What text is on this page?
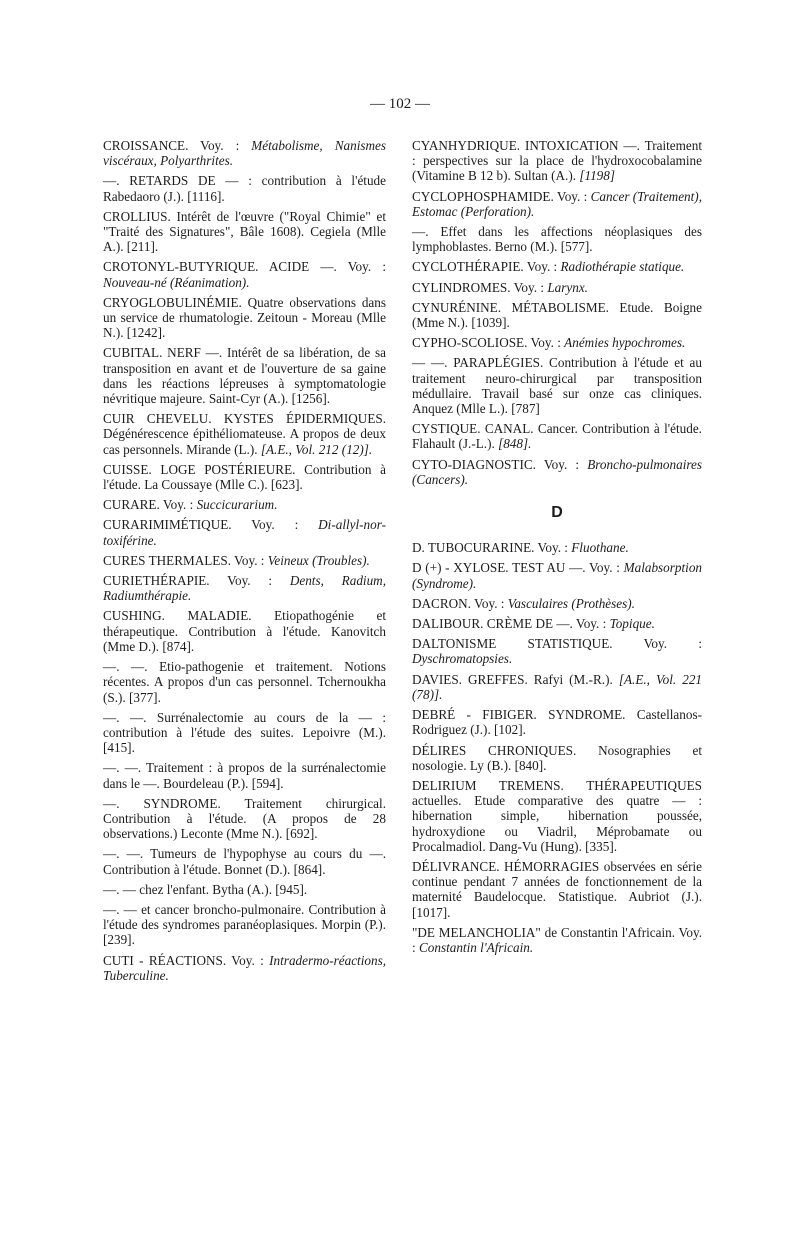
— 102 —

CROISSANCE. Voy. : Métabolisme, Nanismes viscéraux, Polyarthrites.

—. RETARDS DE — : contribution à l'étude Rabedaoro (J.). [1116].

CROLLIUS. Intérêt de l'œuvre ("Royal Chimie" et "Traité des Signatures", Bâle 1608). Cegiela (Mlle A.). [211].

CROTONYL-BUTYRIQUE. ACIDE —. Voy. : Nouveau-né (Réanimation).

CRYOGLOBULINÉMIE. Quatre observations dans un service de rhumatologie. Zeitoun - Moreau (Mlle N.). [1242].

CUBITAL. NERF —. Intérêt de sa libération, de sa transposition en avant et de l'ouverture de sa gaine dans les réactions lépreuses à symptomatologie névritique majeure. Saint-Cyr (A.). [1256].

CUIR CHEVELU. KYSTES ÉPIDERMIQUES. Dégénérescence épithéliomateuse. A propos de deux cas personnels. Mirande (L.). [A.E., Vol. 212 (12)].

CUISSE. LOGE POSTÉRIEURE. Contribution à l'étude. La Coussaye (Mlle C.). [623].

CURARE. Voy. : Succicurarium.

CURARIMIMÉTIQUE. Voy. : Di-allyl-nor-toxiférine.

CURES THERMALES. Voy. : Veineux (Troubles).

CURIETHÉRAPIE. Voy. : Dents, Radium, Radiumthérapie.

CUSHING. MALADIE. Etiopathogénie et thérapeutique. Contribution à l'étude. Kanovitch (Mme D.). [874].

—. —. Etio-pathogenie et traitement. Notions récentes. A propos d'un cas personnel. Tchernoukha (S.). [377].

—. —. Surrénalectomie au cours de la — : contribution à l'étude des suites. Lepoivre (M.). [415].

—. —. Traitement : à propos de la surrénalectomie dans le —. Bourdeleau (P.). [594].

—. SYNDROME. Traitement chirurgical. Contribution à l'étude. (A propos de 28 observations.) Leconte (Mme N.). [692].

—. —. Tumeurs de l'hypophyse au cours du —. Contribution à l'étude. Bonnet (D.). [864].

—. — chez l'enfant. Bytha (A.). [945].

—. — et cancer broncho-pulmonaire. Contribution à l'étude des syndromes paranéoplasiques. Morpin (P.). [239].

CUTI - RÉACTIONS. Voy. : Intradermo-réactions, Tuberculine.

CYANHYDRIQUE. INTOXICATION —. Traitement : perspectives sur la place de l'hydroxocobalamine (Vitamine B 12 b). Sultan (A.). [1198]

CYCLOPHOSPHAMIDE. Voy. : Cancer (Traitement), Estomac (Perforation).

—. Effet dans les affections néoplasiques des lymphoblastes. Berno (M.). [577].

CYCLOTHÉRAPIE. Voy. : Radiothérapie statique.

CYLINDROMES. Voy. : Larynx.

CYNURÉNINE. MÉTABOLISME. Etude. Boigne (Mme N.). [1039].

CYPHO-SCOLIOSE. Voy. : Anémies hypochromes.

— —. PARAPLÉGIES. Contribution à l'étude et au traitement neuro-chirurgical par transposition médullaire. Travail basé sur onze cas cliniques. Anquez (Mlle L.). [787]

CYSTIQUE. CANAL. Cancer. Contribution à l'étude. Flahault (J.-L.). [848].

CYTO-DIAGNOSTIC. Voy. : Broncho-pulmonaires (Cancers).

D

D. TUBOCURARINE. Voy. : Fluothane.

D (+) - XYLOSE. TEST AU —. Voy. : Malabsorption (Syndrome).

DACRON. Voy. : Vasculaires (Prothèses).

DALIBOUR. CRÈME DE —. Voy. : Topique.

DALTONISME STATISTIQUE. Voy. : Dyschromatopsies.

DAVIES. GREFFES. Rafyi (M.-R.). [A.E., Vol. 221 (78)].

DEBRÉ - FIBIGER. SYNDROME. Castellanos-Rodriguez (J.). [102].

DÉLIRES CHRONIQUES. Nosographies et nosologie. Ly (B.). [840].

DELIRIUM TREMENS. THÉRAPEUTIQUES actuelles. Etude comparative des quatre — : hibernation simple, hibernation poussée, hydroxydione ou Viadril, Méprobamate ou Procalmadiol. Dang-Vu (Hung). [335].

DÉLIVRANCE. HÉMORRAGIES observées en série continue pendant 7 années de fonctionnement de la maternité Baudelocque. Statistique. Aubriot (J.). [1017].

"DE MELANCHOLIA" de Constantin l'Africain. Voy. : Constantin l'Africain.
